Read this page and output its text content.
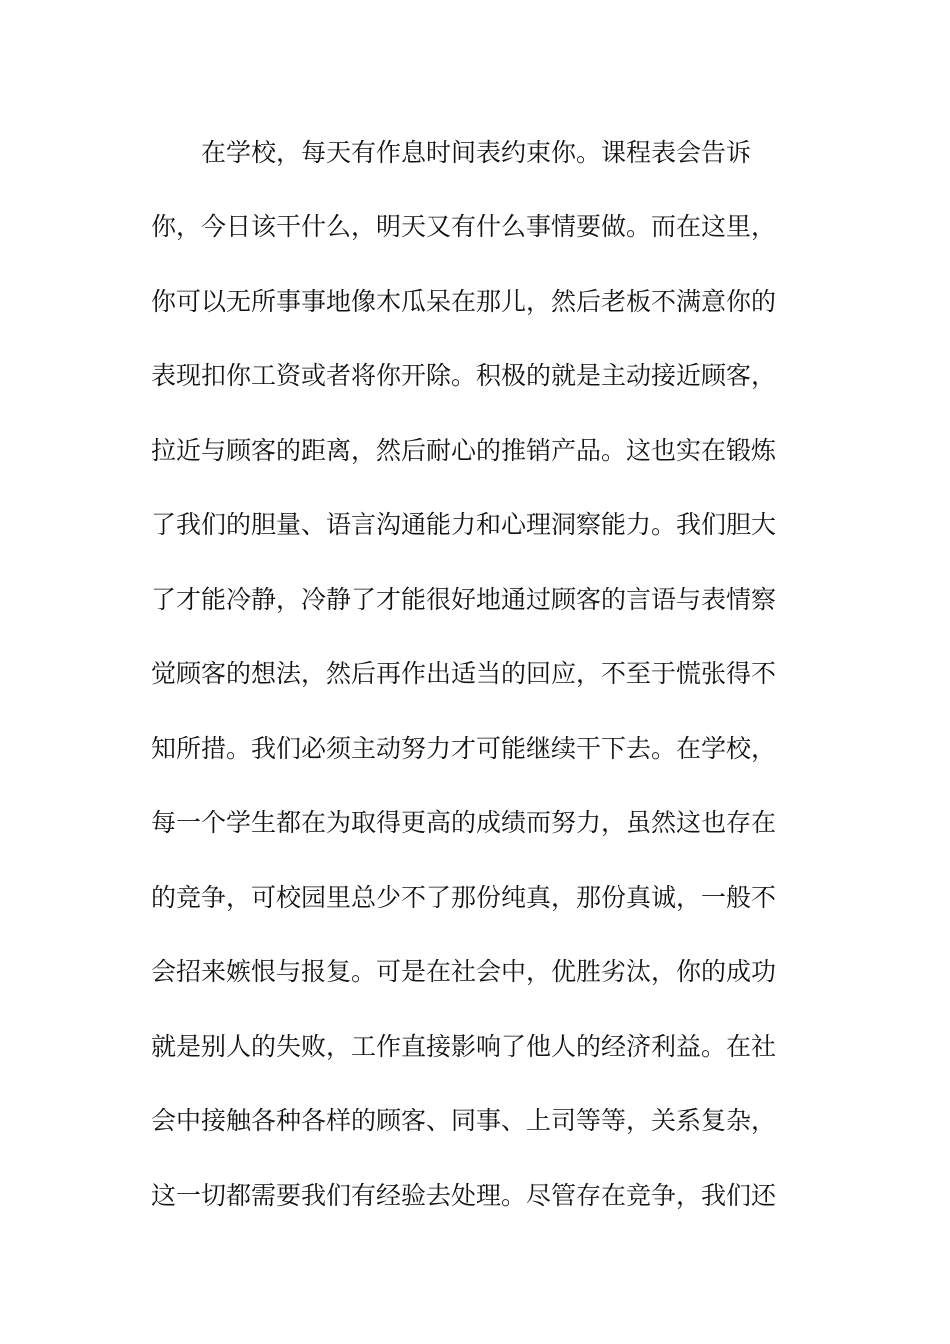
在学校，每天有作息时间表约束你。课程表会告诉
你，今日该干什么，明天又有什么事情要做。而在这里，
你可以无所事事地像木瓜呆在那儿，然后老板不满意你的
表现扣你工资或者将你开除。积极的就是主动接近顾客，
拉近与顾客的距离，然后耐心的推销产品。这也实在锻炼
了我们的胆量、语言沟通能力和心理洞察能力。我们胆大
了才能冷静，冷静了才能很好地通过顾客的言语与表情察
觉顾客的想法，然后再作出适当的回应，不至于慌张得不
知所措。我们必须主动努力才可能继续干下去。在学校，
每一个学生都在为取得更高的成绩而努力，虽然这也存在
的竞争，可校园里总少不了那份纯真，那份真诚，一般不
会招来嫉恨与报复。可是在社会中，优胜劣汰，你的成功
就是别人的失败，工作直接影响了他人的经济利益。在社
会中接触各种各样的顾客、同事、上司等等，关系复杂，
这一切都需要我们有经验去处理。尽管存在竞争，我们还
